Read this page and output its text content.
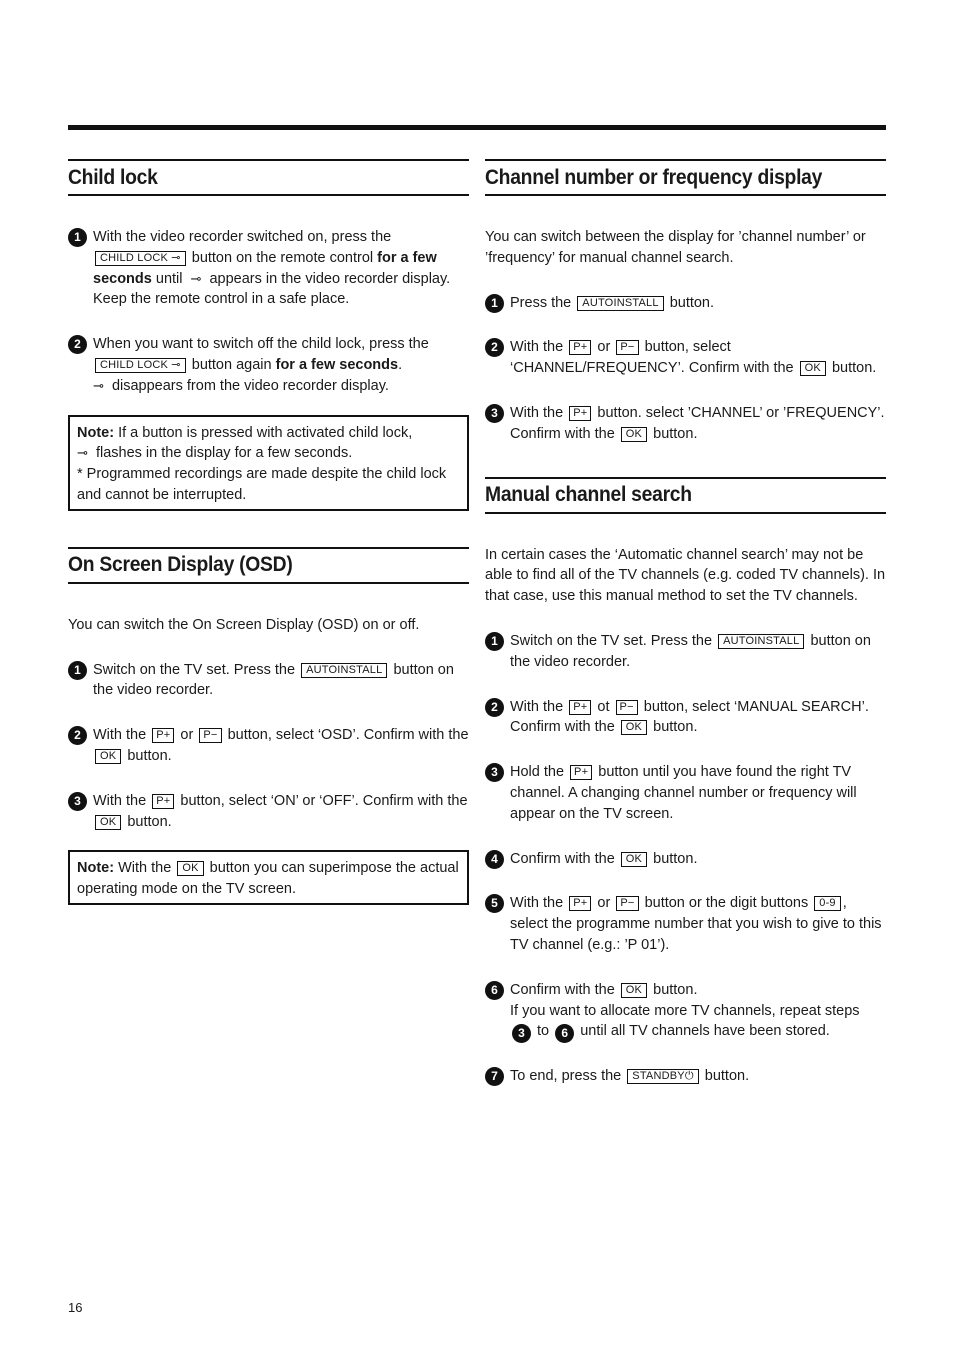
Child lock
1 With the video recorder switched on, press the
CHILD LOCK ⊸ button on the remote control for a few seconds until ⊸ appears in the video recorder display. Keep the remote control in a safe place.
2 When you want to switch off the child lock, press the
CHILD LOCK ⊸ button again for a few seconds.
⊸ disappears from the video recorder display.
Note: If a button is pressed with activated child lock,
⊸ flashes in the display for a few seconds.
* Programmed recordings are made despite the child lock and cannot be interrupted.
On Screen Display (OSD)

You can switch the On Screen Display (OSD) on or off.

1 Switch on the TV set. Press the AUTOINSTALL button on the video recorder.
2 With the P+ or P− button, select ‘OSD’. Confirm with the OK button.
3 With the P+ button, select ‘ON’ or ‘OFF’. Confirm with the OK button.
Note: With the OK button you can superimpose the actual operating mode on the TV screen.
Channel number or frequency display

You can switch between the display for ’channel number’ or ’frequency’ for manual channel search.

1 Press the AUTOINSTALL button.
2 With the P+ or P− button, select ‘CHANNEL/FREQUENCY’. Confirm with the OK button.
3 With the P+ button. select ’CHANNEL’ or ’FREQUENCY’. Confirm with the OK button.
Manual channel search

In certain cases the ‘Automatic channel search’ may not be able to find all of the TV channels (e.g. coded TV channels). In that case, use this manual method to set the TV channels.

1 Switch on the TV set. Press the AUTOINSTALL button on the video recorder.
2 With the P+ ot P− button, select ‘MANUAL SEARCH’. Confirm with the OK button.
3 Hold the P+ button until you have found the right TV channel. A changing channel number or frequency will appear on the TV screen.
4 Confirm with the OK button.
5 With the P+ or P− button or the digit buttons 0-9 , select the programme number that you wish to give to this TV channel (e.g.: ’P 01’).
6 Confirm with the OK button.
If you want to allocate more TV channels, repeat steps 3 to 6 until all TV channels have been stored.
7 To end, press the STANDBY⏻ button.
16
